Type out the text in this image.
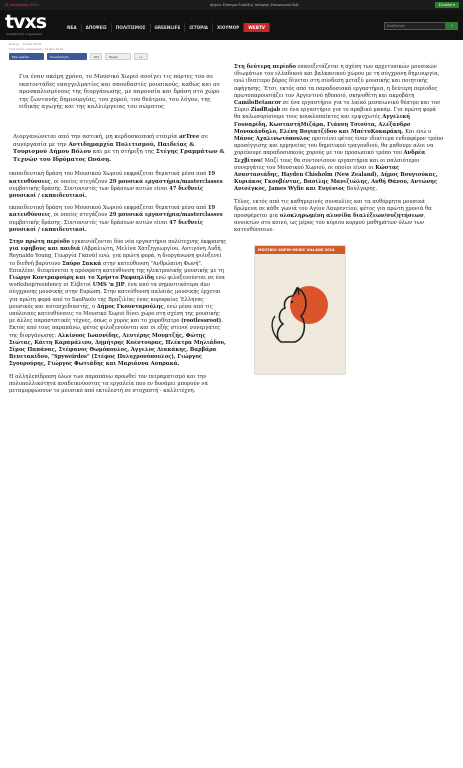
14 Δεκεμβρίου 2014	Αρχείο Σύστημα Ενδείξης Ιστορίας Επικοινωνία Εμβ	Ελλάδα ▾
tvxs
Ανεξάρτητη ενημέρωση
ΝΕΑ	ΑΠΟΨΕΙΣ	ΠΟΛΙΤΙΣΜΟΣ	GREENLIFE	ΙΣΤΟΡΙΑ	ΧΙΟΥΜΟΡ	WEBTV	Αναζήτηση	›
tvxs.gr · 14 Δεκ 2014
Τελευταία ενημέρωση: 14 Δεκ 2014
Μου αρέσει	Κοινοποίηση	103	Tweet	+1

Για έναν ακόμη χρόνο, το Μουσικό Χωριό ανοίγει τις πόρτες του σε εκατοντάδες επαγγελματίες και σπουδαστές μουσικούς, καθώς και σε προσκαλεσμένους της διοργάνωσης, με παρουσία και δράση στο χώρο της ζωντανής δημιουργίας, του χορού, του θεάτρου, του λόγου, της ειδικής αγωγής και της καλλιέργειας του σώματος

Διοργανώνεται από την αστική, μη κερδοσκοπική εταιρία arTree σε συνεργασία με την Αντιδημαρχία Πολιτισμού, Παιδείας & Τουρισμού Δήμου Βόλου και με τη στήριξη της Στέγης Γραμμάτων & Τεχνών του Ιδρύματος Ωνάση.

εκπαιδευτική δράση του Μουσικού Χωριού εκφράζεται θεματικά μέσα από 19 κατευθύνσεις, οι οποίες στεγάζουν 29 μουσικά εργαστήρια/masterclasses συμβατικής δράσης. Συντονιστές των δράσεων αυτών είναι 47 διεθνείς μουσικοί / εκπαιδευτικοί.

εκπαιδευτική δράση του Μουσικού Χωριού εκφράζεται θεματικά μέσα από 19 κατευθύνσεις, οι οποίες στεγάζουν 29 μουσικά εργαστήρια/masterclasses συμβατικής δράσης. Συντονιστές των δράσεων αυτών είναι 47 διεθνείς μουσικοί / εκπαιδευτικοί.

Στην πρώτη περίοδο εγκαινιάζονται δύο νέα εργαστήρια πολύτεχνης έκφρασης για εφήβους και παιδιά (Αβραλιώτη, Μελίνα Χατζηγεωργίου, Αντιγόνη Λυδή, Reynaldo Young, Γεωργία Γκανά) ενώ, για πρώτη φορά, η διοργάνωση φιλοξενεί το διεθνή βαρύτονο Σπύρο Σακκά στην κατεύθυνση "Ανθρώπινη Φωνή". Επιπλέον, διευρύνεται η πρόσφατη κατεύθυνση της ηλεκτρονικής μουσικής με τη Γιώργο Κοντραφούρη και το Χρήστο Ραφαηλίδη ενώ φιλοξενούνται σε ένα workshop/residency οι Ελβετοί UMS 'n JIP, ένα από τα σημαντικότερα duo σύγχρονης μουσικής στην Ευρώπη. Στην κατεύθυνση παλαιάς μουσικής έρχεται για πρώτη φορά από το SaoPaolo της Βραζιλίας ένας κορυφαίος Έλληνας μουσικός και αυτοσχεδιαστής, ο Δήμος Γκουνταρούλης, ενώ μέσα από τις υπόλοιπες κατευθύνσεις το Μουσικό Χωριό δίνει χώρο στη σχέση της μουσικής με άλλες παραστατικές τέχνες, όπως ο χορός και το χοροθέατρο (rootlessroot). Εκτός από τους παραπάνω, φέτος φιλοξενούνται και οι εξής στενοί συνεργάτες της διοργάνωσης: Αλκίνοος Ιωαννίδης, Λευτέρης Μουμτζής, Φώτης Σιώτας, Κάιτη Καραμάλιου, Δημήτρης Κοέντουρας, Ηλέκτρα Μηλιάδου, Σίμος Παπάνας, Στέφανος Θωμόπουλος, Άγγελος Λιακάκης, Βαρβάρα Βενετακίδου, "Spyweirdos" (Στέφος Πολυχρονόπουλος), Γιώργος Σγουρούρης, Γιώργος Φωτιάδης και Μαριάννα Ασπρακά.

Η αλληλεπίδραση όλων των παραπάνω προωθεί τον πειραματισμό και την πολυπολλικότητα αναδεικνύοντας τα εργαλεία που εν δυνάμει μπορούν να μεταμορφώσουν το μουσικό από εκτελεστή σε στοχαστή - καλλιτέχνη.

Στη δεύτερη περίοδο επανεξετάζεται η σχέση των αρχετυπικών μουσικών ιδιωμάτων του ελλαδικού και βαλκανικού χώρου με τη σύγχρονη δημιουργία, ενώ ιδιαίτερο βάρος δίνεται στη σύνδεση μεταξύ μουσικής και ποιητικής αφήγησης. Έτσι, εκτός από τα παραδοσιακά εργαστήρια, η δεύτερη περίοδος πρωτοπαρουσιάζει τον Αργεντινό ηθοποιό, σκηνοθέτη και ακροβάτη CamiloBetancor σε ένα εργαστήριο για το λαϊκό μεσαιωνικό θέατρο και τον Σύριο ZiadRajab σε ένα εργαστήριο για το αραβικό μακάμ. Για πρώτη φορά θα καλωσορίσουμε τους κουκλοπαίκτες και εμψυχωτές Αγγελική Γουναρίδη, ΚωσταντήΜιζάρα, Γιάννη Τσιούτα, Αλέξανδρο Μονοκάνδηλο, Ελένη Βογιατζίδου και ΜπέτυΚοκαράκη. Και ενώ ο Μάνος Αχαλινωτόπουλος προτείνει φέτος έναν ιδιαίτερα ενδιαφέρον τρόπο προσέγγισης και ερμηνείας του δημοτικού τραγουδιού, θα μαθουμε αλοι να χορεύουμε παραδοσιακούς χορούς με τον προσωπικό τρόπο του Ανδρέα Σεχβίτου! Μαζί τους θα συντονίσουν εργαστήρια και οι παλαιότεροι συνεργάτες του Μουσικού Χωριού, οι οποίοι είναι οι Κώστας Αναστασιάδης, Hayden Chisholm (New Zealand), Δήμος Βουγιούκας, Κυριάκος Γκουβέντας, Βασίλης Μανιζιώλης, Ανθή Θάνου, Αντώνης Ανισέγκος, James Wylie και Ευγένιος Βούλγαρης.

Τέλος, εκτός από τις καθημερινές συναυλίες και τα αυθόρμητα μουσικά δρώμενα σε κάθε γωνιά του Αγίου Λαυρεντίου, φέτος για πρώτη χρονιά θα προσφέρεται μια ολοκληρωμένη αλυσίδα διαλέξεων/συζητήσεων, ανοικτών στο κοινό, ως μέρος του κύριου κορμού μαθημάτων όλων των κατευθύνσεων.

ΜΟΥΣΙΚΟ ΧΩΡΙΟ MUSIC VILLAGE 2014
